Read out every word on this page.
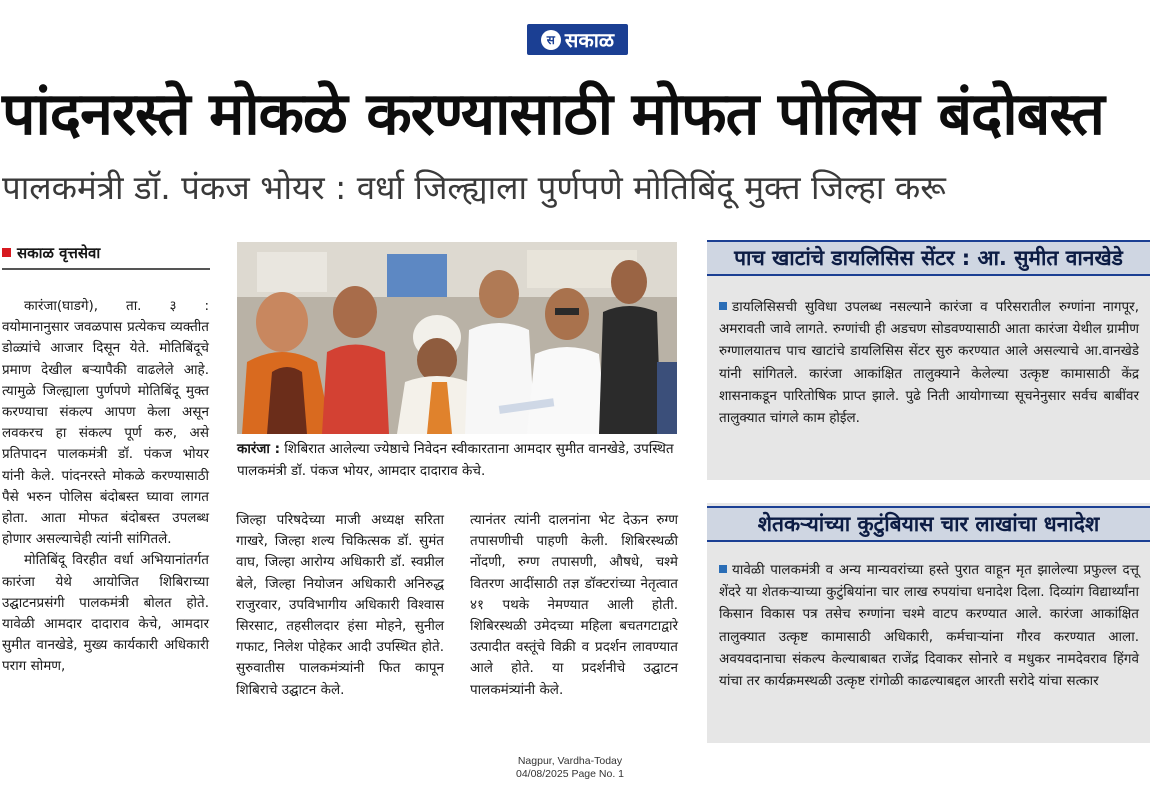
स सकाळ
पांदनरस्ते मोकळे करण्यासाठी मोफत पोलिस बंदोबस्त
पालकमंत्री डॉ. पंकज भोयर : वर्धा जिल्ह्याला पुर्णपणे मोतिबिंदू मुक्त जिल्हा करू
सकाळ वृत्तसेवा

कारंजा(घाडगे), ता. ३ : वयोमानानुसार जवळपास प्रत्येकच व्यक्तीत डोळ्यांचे आजार दिसून येते. मोतिबिंदूचे प्रमाण देखील बऱ्यापैकी वाढलेले आहे. त्यामुळे जिल्ह्याला पुर्णपणे मोतिबिंदू मुक्त करण्याचा संकल्प आपण केला असून लवकरच हा संकल्प पूर्ण करु, असे प्रतिपादन पालकमंत्री डॉ. पंकज भोयर यांनी केले. पांदनरस्ते मोकळे करण्यासाठी पैसे भरुन पोलिस बंदोबस्त घ्यावा लागत होता. आता मोफत बंदोबस्त उपलब्ध होणार असल्याचेही त्यांनी सांगितले.

मोतिबिंदू विरहीत वर्धा अभियानांतर्गत कारंजा येथे आयोजित शिबिराच्या उद्घाटनप्रसंगी पालकमंत्री बोलत होते. यावेळी आमदार दादाराव केचे, आमदार सुमीत वानखेडे, मुख्य कार्यकारी अधिकारी पराग सोमण,

कारंजा : शिबिरात आलेल्या ज्येष्ठाचे निवेदन स्वीकारताना आमदार सुमीत वानखेडे, उपस्थित पालकमंत्री डॉ. पंकज भोयर, आमदार दादाराव केचे.

जिल्हा परिषदेच्या माजी अध्यक्ष सरिता गाखरे, जिल्हा शल्य चिकित्सक डॉ. सुमंत वाघ, जिल्हा आरोग्य अधिकारी डॉ. स्वप्नील बेले, जिल्हा नियोजन अधिकारी अनिरुद्ध राजुरवार, उपविभागीय अधिकारी विश्वास सिरसाट, तहसीलदार हंसा मोहने, सुनील गफाट, निलेश पोहेकर आदी उपस्थित होते. सुरुवातीस पालकमंत्र्यांनी फित कापून शिबिराचे उद्घाटन केले.

त्यानंतर त्यांनी दालनांना भेट देऊन रुग्ण तपासणीची पाहणी केली. शिबिरस्थळी नोंदणी, रुग्ण तपासणी, औषधे, चश्मे वितरण आदींसाठी तज्ञ डॉक्टरांच्या नेतृत्वात ४१ पथके नेमण्यात आली होती. शिबिरस्थळी उमेदच्या महिला बचतगटाद्वारे उत्पादीत वस्तूंचे विक्री व प्रदर्शन लावण्यात आले होते. या प्रदर्शनीचे उद्घाटन पालकमंत्र्यांनी केले.

पाच खाटांचे डायलिसिस सेंटर : आ. सुमीत वानखेडे
डायलिसिसची सुविधा उपलब्ध नसल्याने कारंजा व परिसरातील रुग्णांना नागपूर, अमरावती जावे लागते. रुग्णांची ही अडचण सोडवण्यासाठी आता कारंजा येथील ग्रामीण रुग्णालयातच पाच खाटांचे डायलिसिस सेंटर सुरु करण्यात आले असल्याचे आ.वानखेडे यांनी सांगितले. कारंजा आकांक्षित तालुक्याने केलेल्या उत्कृष्ट कामासाठी केंद्र शासनाकडून पारितोषिक प्राप्त झाले. पुढे निती आयोगाच्या सूचनेनुसार सर्वच बाबींवर तालुक्यात चांगले काम होईल.
शेतकऱ्यांच्या कुटुंबियास चार लाखांचा धनादेश
यावेळी पालकमंत्री व अन्य मान्यवरांच्या हस्ते पुरात वाहून मृत झालेल्या प्रफुल्ल दत्तू शेंदरे या शेतकऱ्याच्या कुटुंबियांना चार लाख रुपयांचा धनादेश दिला. दिव्यांग विद्यार्थ्यांना किसान विकास पत्र तसेच रुग्णांना चश्मे वाटप करण्यात आले. कारंजा आकांक्षित तालुक्यात उत्कृष्ट कामासाठी अधिकारी, कर्मचाऱ्यांना गौरव करण्यात आला. अवयवदानाचा संकल्प केल्याबाबत राजेंद्र दिवाकर सोनारे व मधुकर नामदेवराव हिंगवे यांचा तर कार्यक्रमस्थळी उत्कृष्ट रांगोळी काढल्याबद्दल आरती सरोदे यांचा सत्कार
Nagpur, Vardha-Today
04/08/2025 Page No. 1
